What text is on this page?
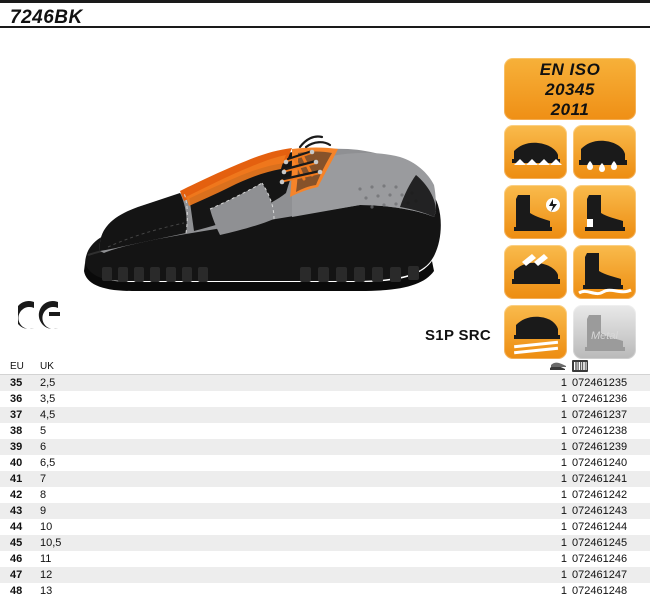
7246BK
S1P SRC
EN ISO
20345
2011
Metal
EU	UK			
35	2,5		1	072461235
36	3,5		1	072461236
37	4,5		1	072461237
38	5		1	072461238
39	6		1	072461239
40	6,5		1	072461240
41	7		1	072461241
42	8		1	072461242
43	9		1	072461243
44	10		1	072461244
45	10,5		1	072461245
46	11		1	072461246
47	12		1	072461247
48	13		1	072461248
